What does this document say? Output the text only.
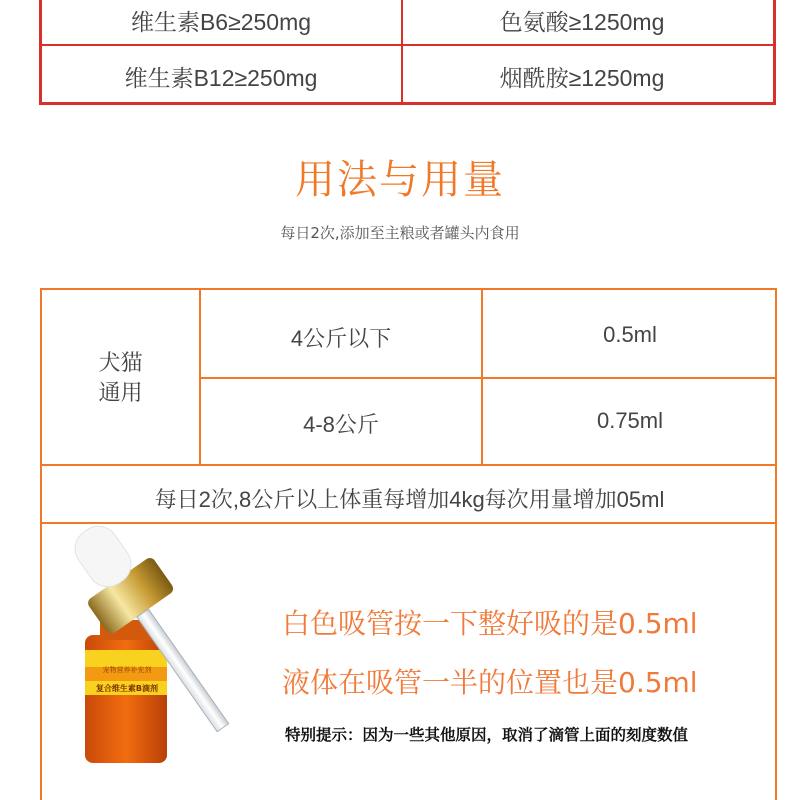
维生素B6≥250mg	色氨酸≥1250mg
维生素B12≥250mg	烟酰胺≥1250mg
用法与用量
每日2次,添加至主粮或者罐头内食用
犬猫
通用
4公斤以下	0.5ml
4-8公斤	0.75ml
每日2次,8公斤以上体重每增加4kg每次用量增加05ml
宠物营养补充剂
复合维生素B滴剂
白色吸管按一下整好吸的是0.5ml
液体在吸管一半的位置也是0.5ml
特别提示：因为一些其他原因，取消了滴管上面的刻度数值
